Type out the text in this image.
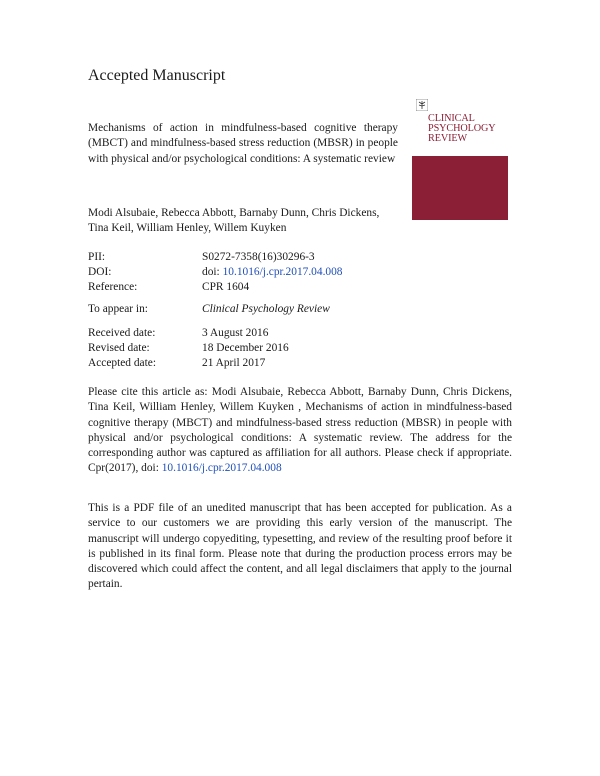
Accepted Manuscript
Mechanisms of action in mindfulness-based cognitive therapy (MBCT) and mindfulness-based stress reduction (MBSR) in people with physical and/or psychological conditions: A systematic review
CLINICAL
PSYCHOLOGY
REVIEW
Modi Alsubaie, Rebecca Abbott, Barnaby Dunn, Chris Dickens,
Tina Keil, William Henley, Willem Kuyken
PII:	S0272-7358(16)30296-3
DOI:	doi: 10.1016/j.cpr.2017.04.008
Reference:	CPR 1604
To appear in:	Clinical Psychology Review
Received date:	3 August 2016
Revised date:	18 December 2016
Accepted date:	21 April 2017
Please cite this article as: Modi Alsubaie, Rebecca Abbott, Barnaby Dunn, Chris Dickens, Tina Keil, William Henley, Willem Kuyken , Mechanisms of action in mindfulness-based cognitive therapy (MBCT) and mindfulness-based stress reduction (MBSR) in people with physical and/or psychological conditions: A systematic review. The address for the corresponding author was captured as affiliation for all authors. Please check if appropriate. Cpr(2017), doi: 10.1016/j.cpr.2017.04.008
This is a PDF file of an unedited manuscript that has been accepted for publication. As a service to our customers we are providing this early version of the manuscript. The manuscript will undergo copyediting, typesetting, and review of the resulting proof before it is published in its final form. Please note that during the production process errors may be discovered which could affect the content, and all legal disclaimers that apply to the journal pertain.
